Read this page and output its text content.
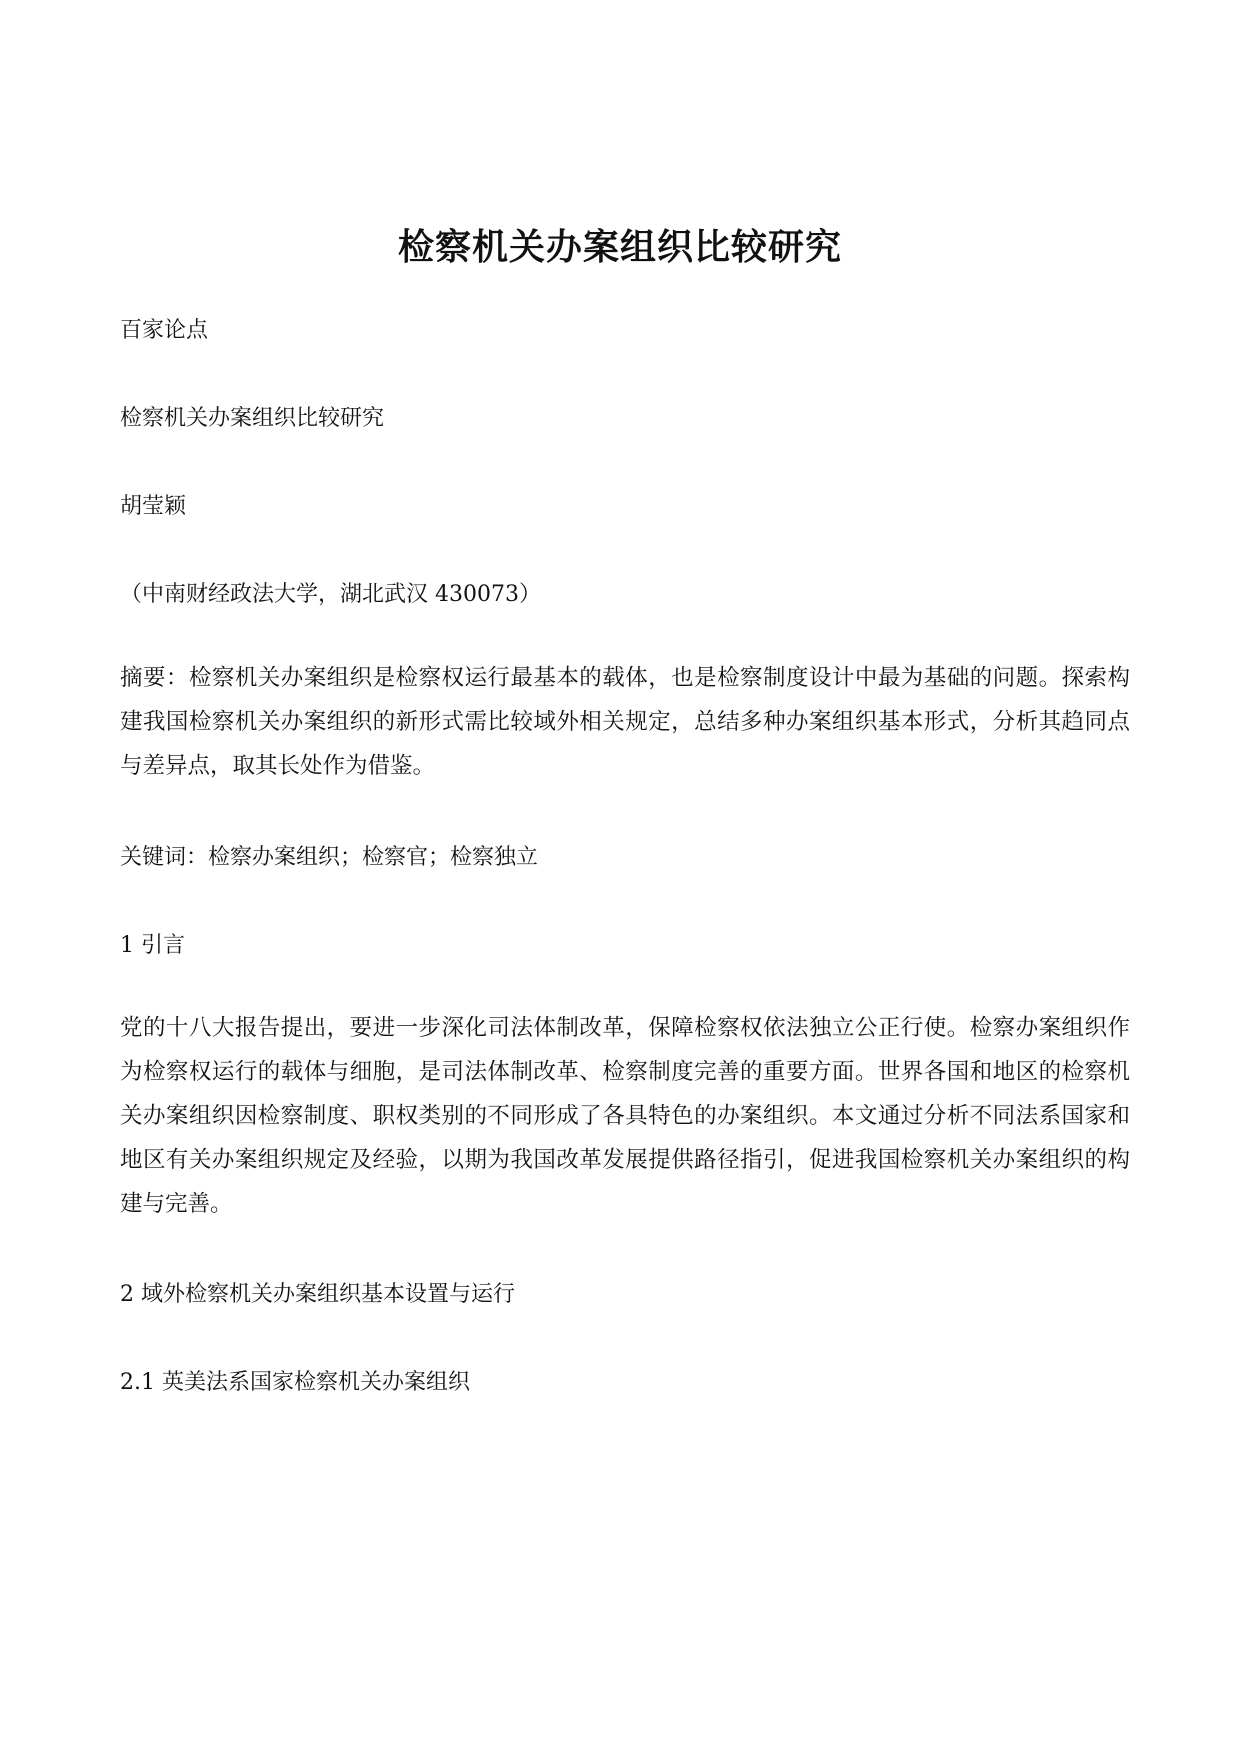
检察机关办案组织比较研究

百家论点

检察机关办案组织比较研究

胡莹颖

（中南财经政法大学，湖北武汉 430073）

摘要：检察机关办案组织是检察权运行最基本的载体，也是检察制度设计中最为基础的问题。探索构建我国检察机关办案组织的新形式需比较域外相关规定，总结多种办案组织基本形式，分析其趋同点与差异点，取其长处作为借鉴。

关键词：检察办案组织；检察官；检察独立

1 引言

党的十八大报告提出，要进一步深化司法体制改革，保障检察权依法独立公正行使。检察办案组织作为检察权运行的载体与细胞，是司法体制改革、检察制度完善的重要方面。世界各国和地区的检察机关办案组织因检察制度、职权类别的不同形成了各具特色的办案组织。本文通过分析不同法系国家和地区有关办案组织规定及经验，以期为我国改革发展提供路径指引，促进我国检察机关办案组织的构建与完善。

2 域外检察机关办案组织基本设置与运行

2.1 英美法系国家检察机关办案组织
